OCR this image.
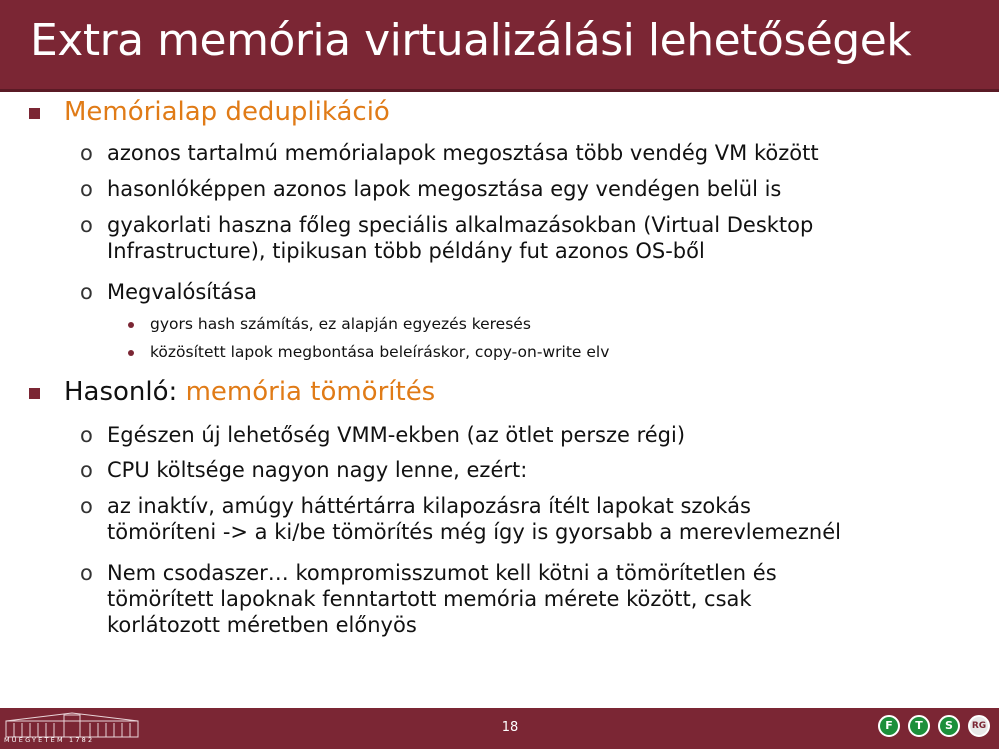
Extra memória virtualizálási lehetőségek
Memórialap deduplikáció
o azonos tartalmú memórialapok megosztása több vendég VM között
o hasonlóképpen azonos lapok megosztása egy vendégen belül is
o gyakorlati haszna főleg speciális alkalmazásokban (Virtual Desktop
Infrastructure), tipikusan több példány fut azonos OS-ből
o Megvalósítása
gyors hash számítás, ez alapján egyezés keresés
közösített lapok megbontása beleíráskor, copy-on-write elv
Hasonló: memória tömörítés
o Egészen új lehetőség VMM-ekben (az ötlet persze régi)
o CPU költsége nagyon nagy lenne, ezért:
o az inaktív, amúgy háttértárra kilapozásra ítélt lapokat szokás
tömöríteni -> a ki/be tömörítés még így is gyorsabb a merevlemeznél
o Nem csodaszer… kompromisszumot kell kötni a tömörítetlen és
tömörített lapoknak fenntartott memória mérete között, csak
korlátozott méretben előnyös
MŰEGYETEM 1782
18	F	T	S	RG
